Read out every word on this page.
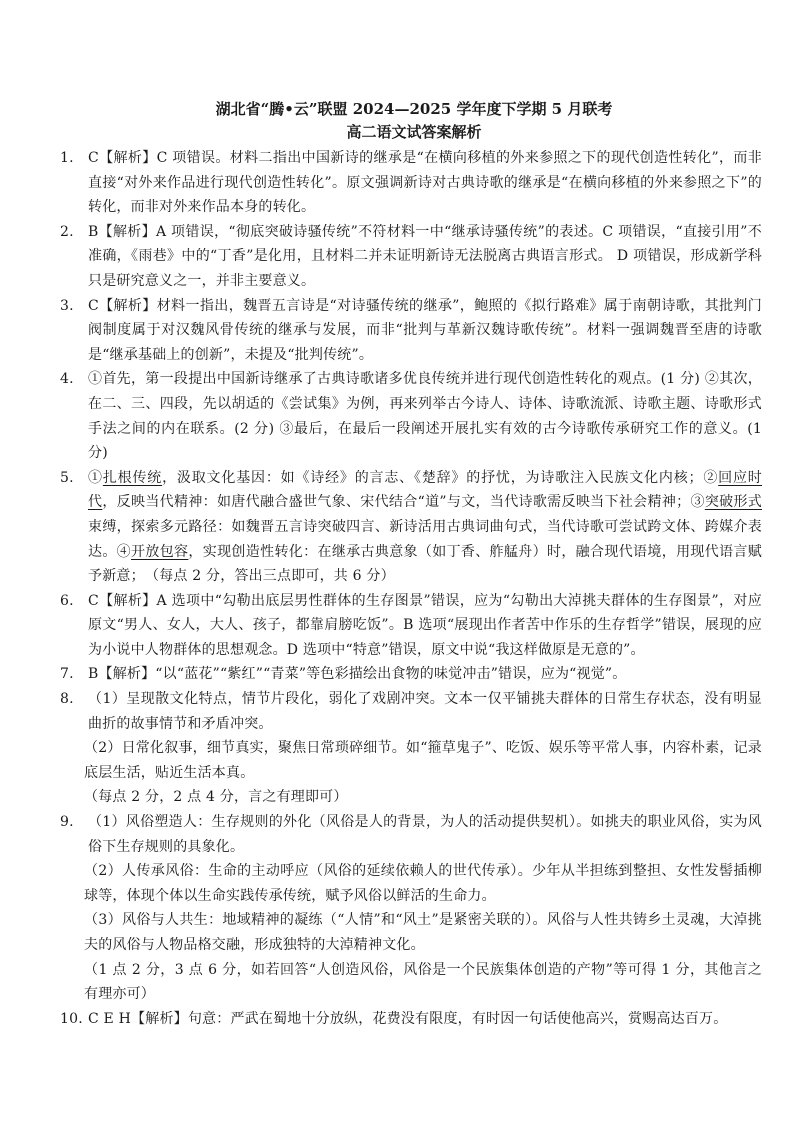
湖北省“腾•云”联盟 2024—2025 学年度下学期 5 月联考

高二语文试答案解析

1.	C【解析】C 项错误。材料二指出中国新诗的继承是“在横向移植的外来参照之下的现代创造性转化”，而非直接“对外来作品进行现代创造性转化”。原文强调新诗对古典诗歌的继承是“在横向移植的外来参照之下”的转化，而非对外来作品本身的转化。
2.	B【解析】A 项错误，“彻底突破诗骚传统”不符材料一中“继承诗骚传统”的表述。C 项错误，“直接引用”不准确，《雨巷》中的“丁香”是化用，且材料二并未证明新诗无法脱离古典语言形式。 D 项错误，形成新学科只是研究意义之一，并非主要意义。
3.	C【解析】材料一指出，魏晋五言诗是“对诗骚传统的继承”，鲍照的《拟行路难》属于南朝诗歌，其批判门阀制度属于对汉魏风骨传统的继承与发展，而非“批判与革新汉魏诗歌传统”。材料一强调魏晋至唐的诗歌是“继承基础上的创新”，未提及“批判传统”。
4.	①首先，第一段提出中国新诗继承了古典诗歌诸多优良传统并进行现代创造性转化的观点。(1 分) ②其次，在二、三、四段，先以胡适的《尝试集》为例，再来列举古今诗人、诗体、诗歌流派、诗歌主题、诗歌形式手法之间的内在联系。(2 分) ③最后，在最后一段阐述开展扎实有效的古今诗歌传承研究工作的意义。(1 分)
5.	①扎根传统，汲取文化基因：如《诗经》的言志、《楚辞》的抒忧，为诗歌注入民族文化内核；②回应时代，反映当代精神：如唐代融合盛世气象、宋代结合“道”与文，当代诗歌需反映当下社会精神；③突破形式束缚，探索多元路径：如魏晋五言诗突破四言、新诗活用古典词曲句式，当代诗歌可尝试跨文体、跨媒介表达。④开放包容，实现创造性转化：在继承古典意象（如丁香、舴艋舟）时，融合现代语境，用现代语言赋予新意；　（每点 2 分，答出三点即可，共 6 分）
6.	C【解析】A 选项中“勾勒出底层男性群体的生存图景”错误，应为“勾勒出大淖挑夫群体的生存图景”，对应原文“男人、女人，大人、孩子，都靠肩膀吃饭”。B 选项“展现出作者苦中作乐的生存哲学”错误，展现的应为小说中人物群体的思想观念。D 选项中“特意”错误，原文中说“我这样做原是无意的”。
7.	B【解析】“以“蓝花”“紫红”“青菜”等色彩描绘出食物的味觉冲击”错误，应为“视觉”。
8.	（1）呈现散文化特点，情节片段化，弱化了戏剧冲突。文本一仅平铺挑夫群体的日常生存状态，没有明显曲折的故事情节和矛盾冲突。
（2）日常化叙事，细节真实，聚焦日常琐碎细节。如“箍草鬼子”、吃饭、娱乐等平常人事，内容朴素，记录底层生活，贴近生活本真。
（每点 2 分，2 点 4 分，言之有理即可）
9.	（1）风俗塑造人：生存规则的外化（风俗是人的背景，为人的活动提供契机）。如挑夫的职业风俗，实为风俗下生存规则的具象化。
（2）人传承风俗：生命的主动呼应（风俗的延续依赖人的世代传承）。少年从半担练到整担、女性发髻插柳球等，体现个体以生命实践传承传统，赋予风俗以鲜活的生命力。
（3）风俗与人共生：地域精神的凝练（“人情”和“风土”是紧密关联的）。风俗与人性共铸乡土灵魂，大淖挑夫的风俗与人物品格交融，形成独特的大淖精神文化。
（1 点 2 分，3 点 6 分，如若回答“人创造风俗，风俗是一个民族集体创造的产物”等可得 1 分，其他言之有理亦可）
10. C E H【解析】句意：严武在蜀地十分放纵，花费没有限度，有时因一句话使他高兴，赏赐高达百万。
